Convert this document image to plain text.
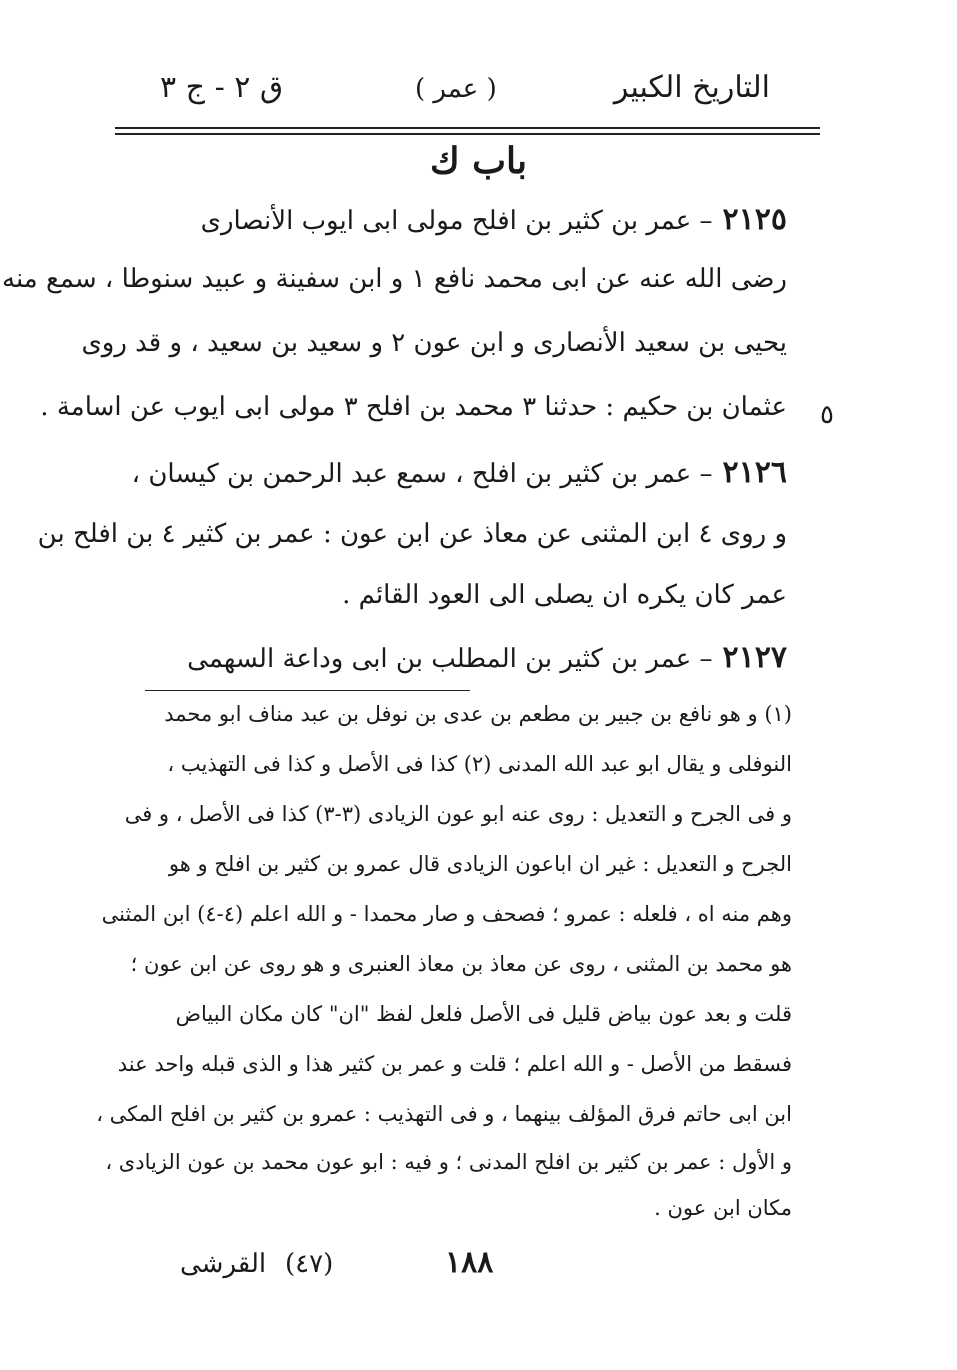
التاريخ الكبير
( عمر )
ق ٢ - ج ٣
باب ك
٢١٢٥– عمر بن كثير بن افلح مولى ابى ايوب الأنصارى
رضى الله عنه عن ابى محمد نافع ١ و ابن سفينة و عبيد سنوطا ، سمع منه
يحيى بن سعيد الأنصارى و ابن عون ٢ و سعيد بن سعيد ، و قد روى
عثمان بن حكيم : حدثنا ٣ محمد بن افلح ٣ مولى ابى ايوب عن اسامة . ٥
٢١٢٦– عمر بن كثير بن افلح ، سمع عبد الرحمن بن كيسان ،
و روى ٤ ابن المثنى عن معاذ عن ابن عون : عمر بن كثير ٤ بن افلح بن
عمر كان يكره ان يصلى الى العود القائم .
٢١٢٧– عمر بن كثير بن المطلب بن ابى وداعة السهمى
(١) و هو نافع بن جبير بن مطعم بن عدى بن نوفل بن عبد مناف ابو محمد
النوفلى و يقال ابو عبد الله المدنى (٢) كذا فى الأصل و كذا فى التهذيب ،
و فى الجرح و التعديل : روى عنه ابو عون الزيادى (٣-٣) كذا فى الأصل ، و فى
الجرح و التعديل : غير ان اباعون الزيادى قال عمرو بن كثير بن افلح و هو
وهم منه اه ، فلعله : عمرو ؛ فصحف و صار محمدا - و الله اعلم (٤-٤) ابن المثنى
هو محمد بن المثنى ، روى عن معاذ بن معاذ العنبرى و هو روى عن ابن عون ؛
قلت و بعد عون بياض قليل فى الأصل فلعل لفظ "ان" كان مكان البياض
فسقط من الأصل - و الله اعلم ؛ قلت و عمر بن كثير هذا و الذى قبله واحد عند
ابن ابى حاتم فرق المؤلف بينهما ، و فى التهذيب : عمرو بن كثير بن افلح المكى ،
و الأول : عمر بن كثير بن افلح المدنى ؛ و فيه : ابو عون محمد بن عون الزيادى ،
مكان ابن عون .
١٨٨
(٤٧)
القرشى
